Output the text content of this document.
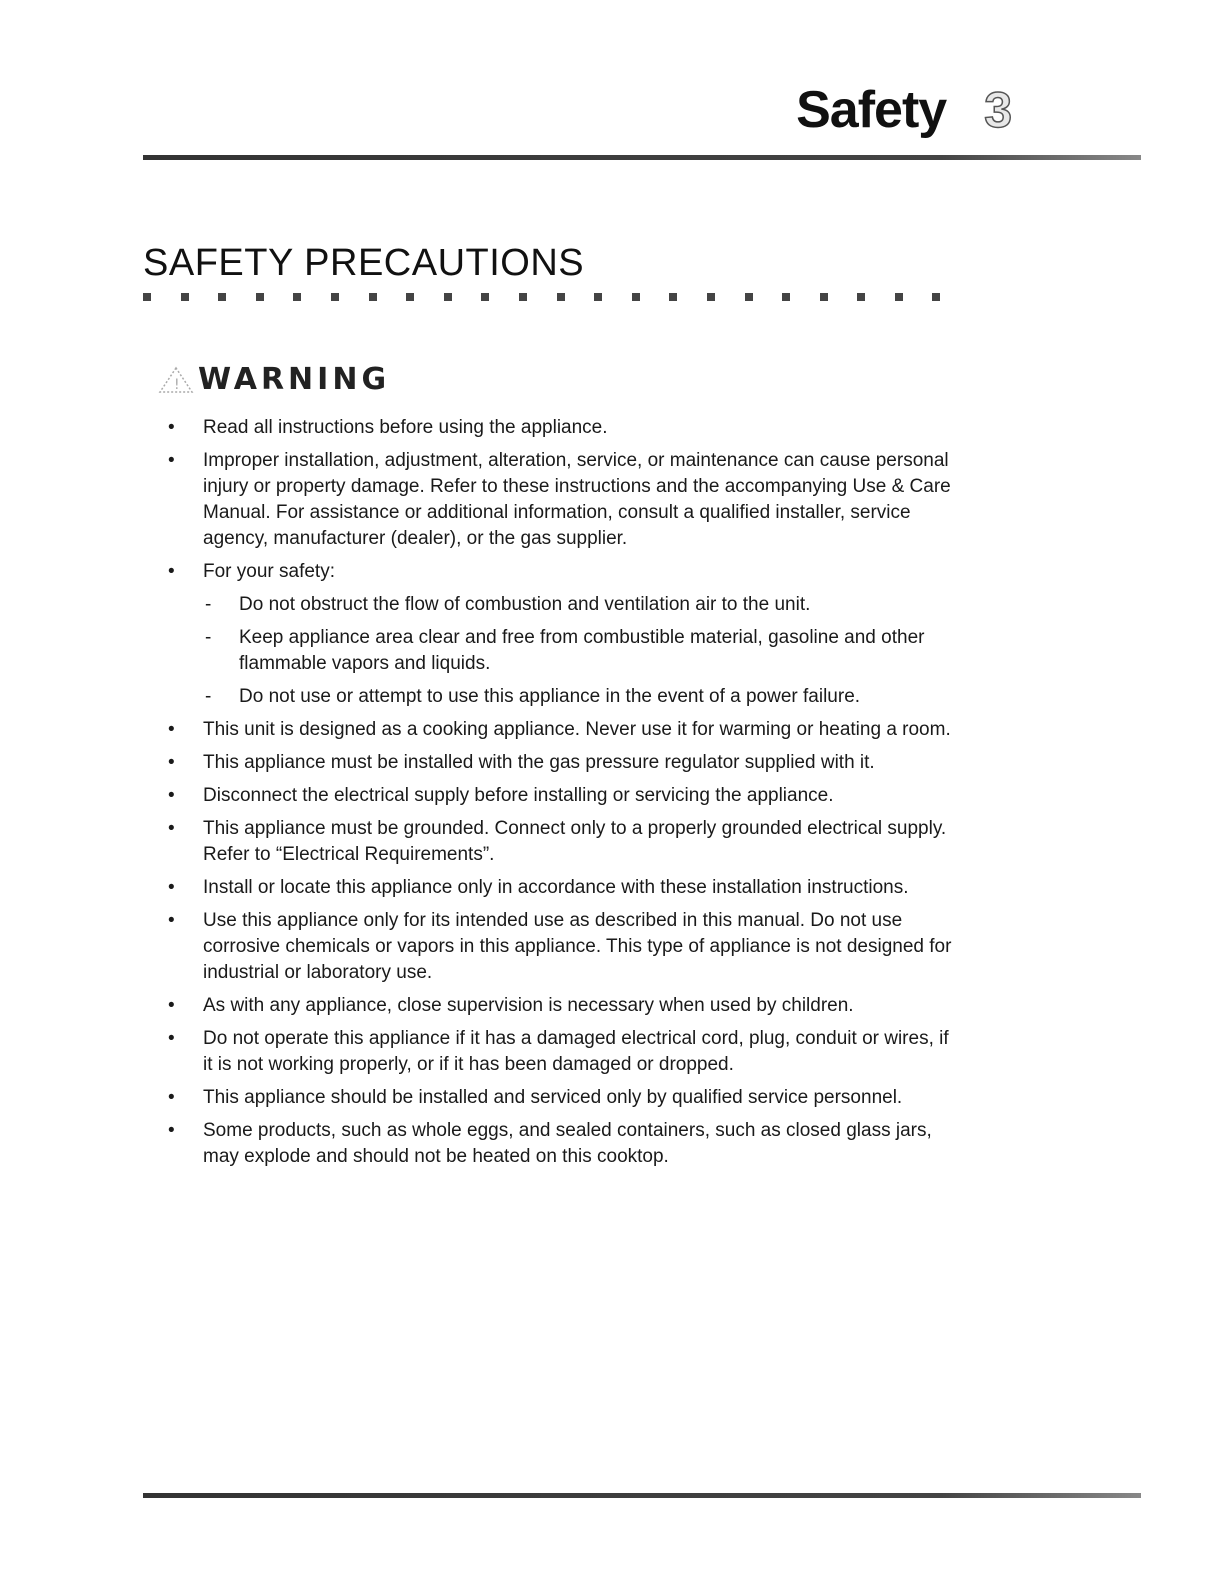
Safety 3
SAFETY PRECAUTIONS
! WARNING
• Read all instructions before using the appliance.
• Improper installation, adjustment, alteration, service, or maintenance can cause personal injury or property damage. Refer to these instructions and the accompanying Use & Care Manual. For assistance or additional information, consult a qualified installer, service agency, manufacturer (dealer), or the gas supplier.
• For your safety:
- Do not obstruct the flow of combustion and ventilation air to the unit.
- Keep appliance area clear and free from combustible material, gasoline and other flammable vapors and liquids.
- Do not use or attempt to use this appliance in the event of a power failure.
• This unit is designed as a cooking appliance. Never use it for warming or heating a room.
• This appliance must be installed with the gas pressure regulator supplied with it.
• Disconnect the electrical supply before installing or servicing the appliance.
• This appliance must be grounded. Connect only to a properly grounded electrical supply. Refer to “Electrical Requirements”.
• Install or locate this appliance only in accordance with these installation instructions.
• Use this appliance only for its intended use as described in this manual. Do not use corrosive chemicals or vapors in this appliance. This type of appliance is not designed for industrial or laboratory use.
• As with any appliance, close supervision is necessary when used by children.
• Do not operate this appliance if it has a damaged electrical cord, plug, conduit or wires, if it is not working properly, or if it has been damaged or dropped.
• This appliance should be installed and serviced only by qualified service personnel.
• Some products, such as whole eggs, and sealed containers, such as closed glass jars, may explode and should not be heated on this cooktop.
